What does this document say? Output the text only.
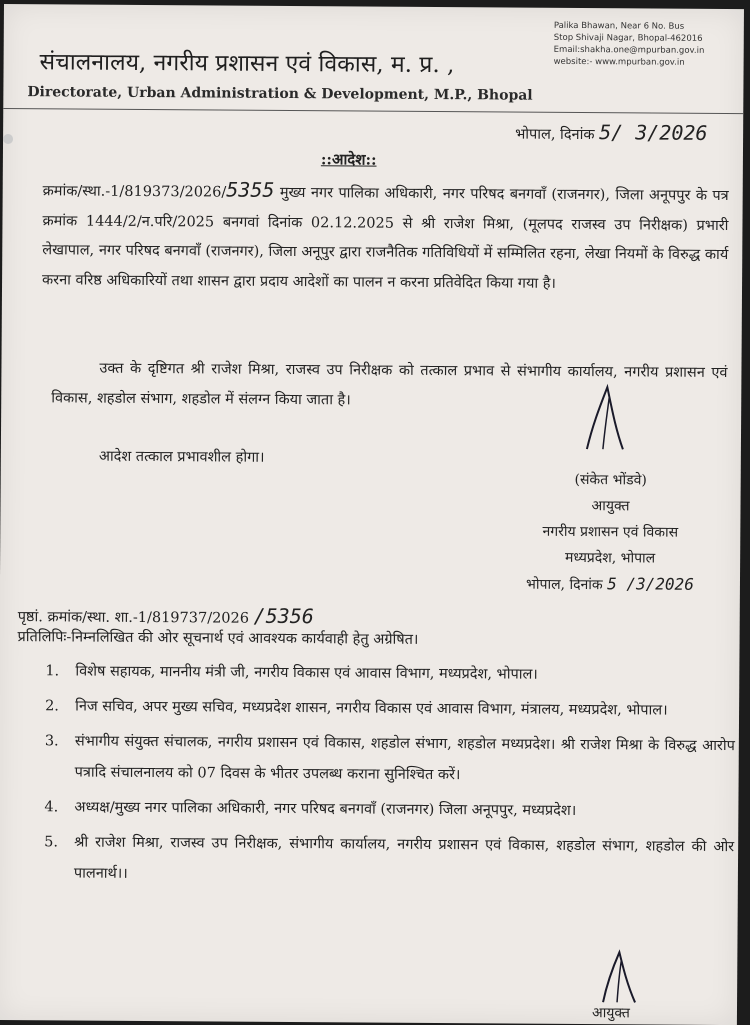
संचालनालय, नगरीय प्रशासन एवं विकास, म. प्र. ,
Directorate, Urban Administration & Development, M.P., Bhopal
Palika Bhawan, Near 6 No. Bus
Stop Shivaji Nagar, Bhopal-462016
Email:shakha.one@mpurban.gov.in
website:- www.mpurban.gov.in
भोपाल, दिनांक 5/ 3/2026
::आदेश::
क्रमांक/स्था.-1/819373/2026/5355 मुख्य नगर पालिका अधिकारी, नगर परिषद बनगवाँ (राजनगर), जिला अनूपपुर के पत्र क्रमांक 1444/2/न.परि/2025 बनगवां दिनांक 02.12.2025 से श्री राजेश मिश्रा, (मूलपद राजस्व उप निरीक्षक) प्रभारी लेखापाल, नगर परिषद बनगवाँ (राजनगर), जिला अनूपुर द्वारा राजनैतिक गतिविधियों में सम्मिलित रहना, लेखा नियमों के विरुद्ध कार्य करना वरिष्ठ अधिकारियों तथा शासन द्वारा प्रदाय आदेशों का पालन न करना प्रतिवेदित किया गया है।
उक्त के दृष्टिगत श्री राजेश मिश्रा, राजस्व उप निरीक्षक को तत्काल प्रभाव से संभागीय कार्यालय, नगरीय प्रशासन एवं विकास, शहडोल संभाग, शहडोल में संलग्न किया जाता है।
आदेश तत्काल प्रभावशील होगा।
(संकेत भोंडवे)
आयुक्त
नगरीय प्रशासन एवं विकास
मध्यप्रदेश, भोपाल
भोपाल, दिनांक 5 /3/2026
पृष्ठां. क्रमांक/स्था. शा.-1/819737/2026 /5356
प्रतिलिपिः-निम्नलिखित की ओर सूचनार्थ एवं आवश्यक कार्यवाही हेतु अग्रेषित।
1. विशेष सहायक, माननीय मंत्री जी, नगरीय विकास एवं आवास विभाग, मध्यप्रदेश, भोपाल।
2. निज सचिव, अपर मुख्य सचिव, मध्यप्रदेश शासन, नगरीय विकास एवं आवास विभाग, मंत्रालय, मध्यप्रदेश, भोपाल।
3. संभागीय संयुक्त संचालक, नगरीय प्रशासन एवं विकास, शहडोल संभाग, शहडोल मध्यप्रदेश। श्री राजेश मिश्रा के विरुद्ध आरोप पत्रादि संचालनालय को 07 दिवस के भीतर उपलब्ध कराना सुनिश्चित करें।
4. अध्यक्ष/मुख्य नगर पालिका अधिकारी, नगर परिषद बनगवाँ (राजनगर) जिला अनूपपुर, मध्यप्रदेश।
5. श्री राजेश मिश्रा, राजस्व उप निरीक्षक, संभागीय कार्यालय, नगरीय प्रशासन एवं विकास, शहडोल संभाग, शहडोल की ओर पालनार्थ।।
आयुक्त
